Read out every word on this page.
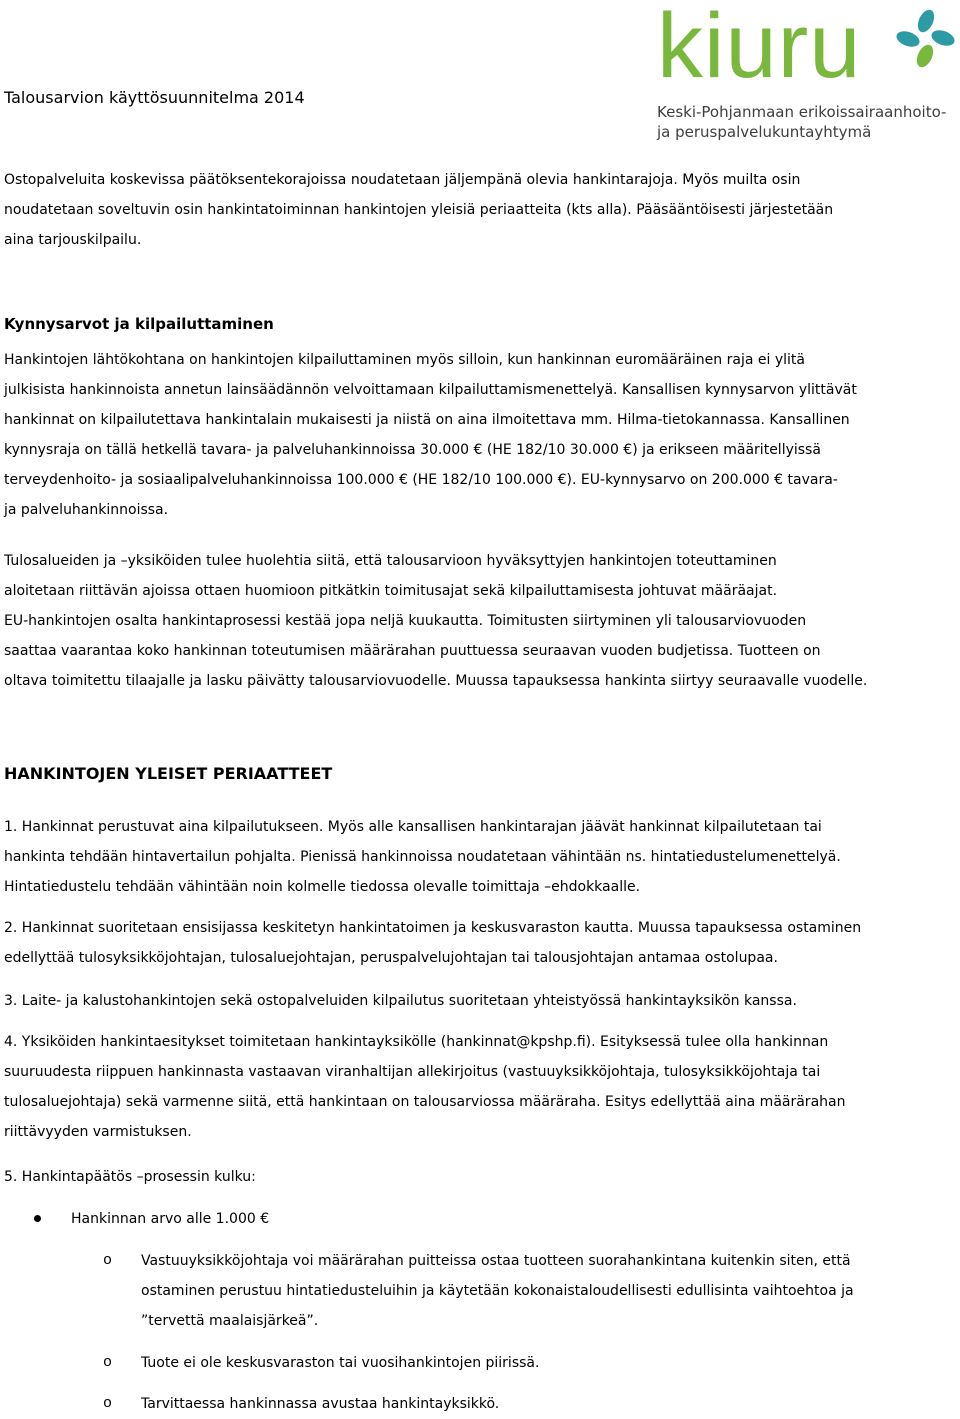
Talousarvion käyttösuunnitelma 2014
kiuru
Keski-Pohjanmaan erikoissairaanhoito-
ja peruspalvelukuntayhtymä
Ostopalveluita koskevissa päätöksentekorajoissa noudatetaan jäljempänä olevia hankintarajoja. Myös muilta osin
noudatetaan soveltuvin osin hankintatoiminnan hankintojen yleisiä periaatteita (kts alla). Pääsääntöisesti järjestetään
aina tarjouskilpailu.
Kynnysarvot ja kilpailuttaminen
Hankintojen lähtökohtana on hankintojen kilpailuttaminen myös silloin, kun hankinnan euromääräinen raja ei ylitä
julkisista hankinnoista annetun lainsäädännön velvoittamaan kilpailuttamismenettelyä. Kansallisen kynnysarvon ylittävät
hankinnat on kilpailutettava hankintalain mukaisesti ja niistä on aina ilmoitettava mm. Hilma-tietokannassa. Kansallinen
kynnysraja on tällä hetkellä tavara- ja palveluhankinnoissa 30.000 € (HE 182/10 30.000 €) ja erikseen määritellyissä
terveydenhoito- ja sosiaalipalveluhankinnoissa 100.000 € (HE 182/10 100.000 €). EU-kynnysarvo on 200.000 € tavara-
ja palveluhankinnoissa.
Tulosalueiden ja –yksiköiden tulee huolehtia siitä, että talousarvioon hyväksyttyjen hankintojen toteuttaminen
aloitetaan riittävän ajoissa ottaen huomioon pitkätkin toimitusajat sekä kilpailuttamisesta johtuvat määräajat.
EU-hankintojen osalta hankintaprosessi kestää jopa neljä kuukautta. Toimitusten siirtyminen yli talousarviovuoden
saattaa vaarantaa koko hankinnan toteutumisen määrärahan puuttuessa seuraavan vuoden budjetissa. Tuotteen on
oltava toimitettu tilaajalle ja lasku päivätty talousarviovuodelle. Muussa tapauksessa hankinta siirtyy seuraavalle vuodelle.
HANKINTOJEN YLEISET PERIAATTEET
1. Hankinnat perustuvat aina kilpailutukseen. Myös alle kansallisen hankintarajan jäävät hankinnat kilpailutetaan tai
hankinta tehdään hintavertailun pohjalta. Pienissä hankinnoissa noudatetaan vähintään ns. hintatiedustelumenettelyä.
Hintatiedustelu tehdään vähintään noin kolmelle tiedossa olevalle toimittaja –ehdokkaalle.
2. Hankinnat suoritetaan ensisijassa keskitetyn hankintatoimen ja keskusvaraston kautta. Muussa tapauksessa ostaminen
edellyttää tulosyksikköjohtajan, tulosaluejohtajan, peruspalvelujohtajan tai talousjohtajan antamaa ostolupaa.
3. Laite- ja kalustohankintojen sekä ostopalveluiden kilpailutus suoritetaan yhteistyössä hankintayksikön kanssa.
4. Yksiköiden hankintaesitykset toimitetaan hankintayksikölle (hankinnat@kpshp.fi). Esityksessä tulee olla hankinnan
suuruudesta riippuen hankinnasta vastaavan viranhaltijan allekirjoitus (vastuuyksikköjohtaja, tulosyksikköjohtaja tai
tulosaluejohtaja) sekä varmenne siitä, että hankintaan on talousarviossa määräraha. Esitys edellyttää aina määrärahan
riittävyyden varmistuksen.
5. Hankintapäätös –prosessin kulku:
Hankinnan arvo alle 1.000 €
o Vastuuyksikköjohtaja voi määrärahan puitteissa ostaa tuotteen suorahankintana kuitenkin siten, että
ostaminen perustuu hintatiedusteluihin ja käytetään kokonaistaloudellisesti edullisinta vaihtoehtoa ja
”tervettä maalaisjärkeä”.
o Tuote ei ole keskusvaraston tai vuosihankintojen piirissä.
o Tarvittaessa hankinnassa avustaa hankintayksikkö.
